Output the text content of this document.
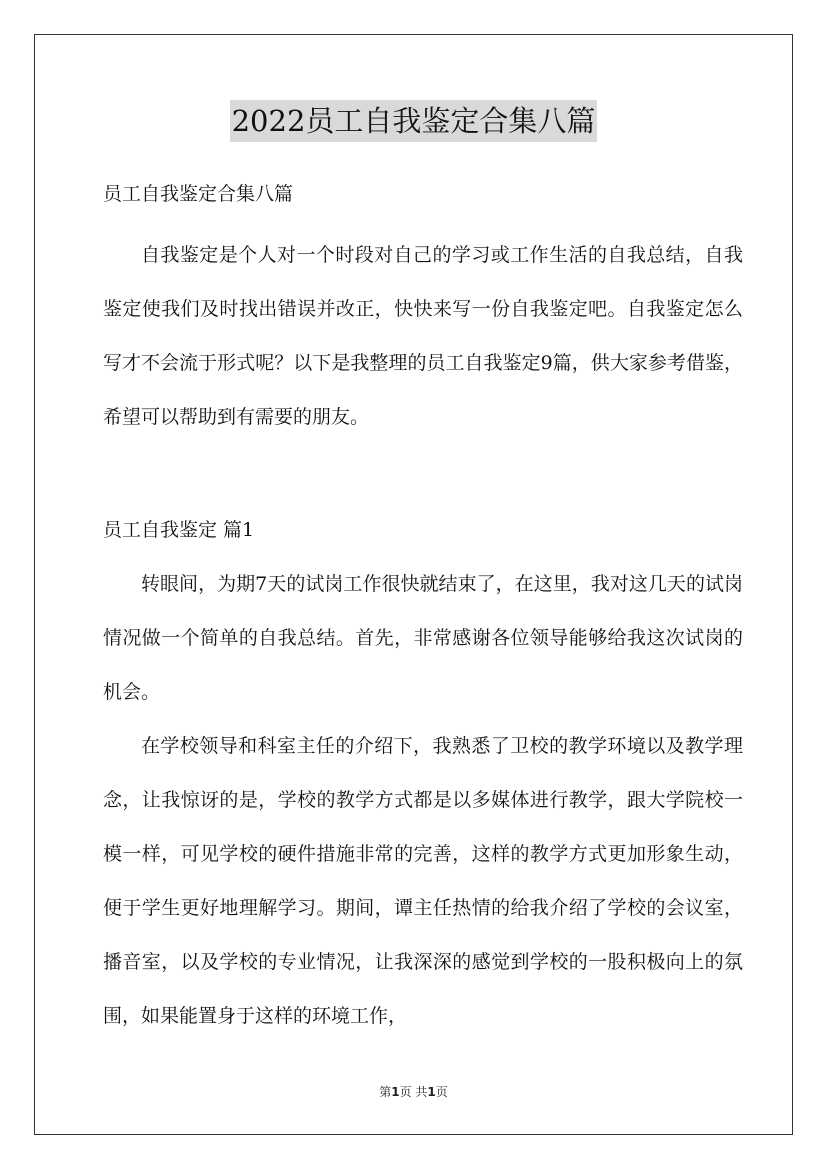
2022员工自我鉴定合集八篇

员工自我鉴定合集八篇

自我鉴定是个人对一个时段对自己的学习或工作生活的自我总结，自我鉴定使我们及时找出错误并改正，快快来写一份自我鉴定吧。自我鉴定怎么写才不会流于形式呢？以下是我整理的员工自我鉴定9篇，供大家参考借鉴，希望可以帮助到有需要的朋友。

员工自我鉴定 篇1

转眼间，为期7天的试岗工作很快就结束了，在这里，我对这几天的试岗情况做一个简单的自我总结。首先，非常感谢各位领导能够给我这次试岗的机会。

在学校领导和科室主任的介绍下，我熟悉了卫校的教学环境以及教学理念，让我惊讶的是，学校的教学方式都是以多媒体进行教学，跟大学院校一模一样，可见学校的硬件措施非常的完善，这样的教学方式更加形象生动，便于学生更好地理解学习。期间，谭主任热情的给我介绍了学校的会议室，播音室，以及学校的专业情况，让我深深的感觉到学校的一股积极向上的氛围，如果能置身于这样的环境工作，

第1页 共1页
